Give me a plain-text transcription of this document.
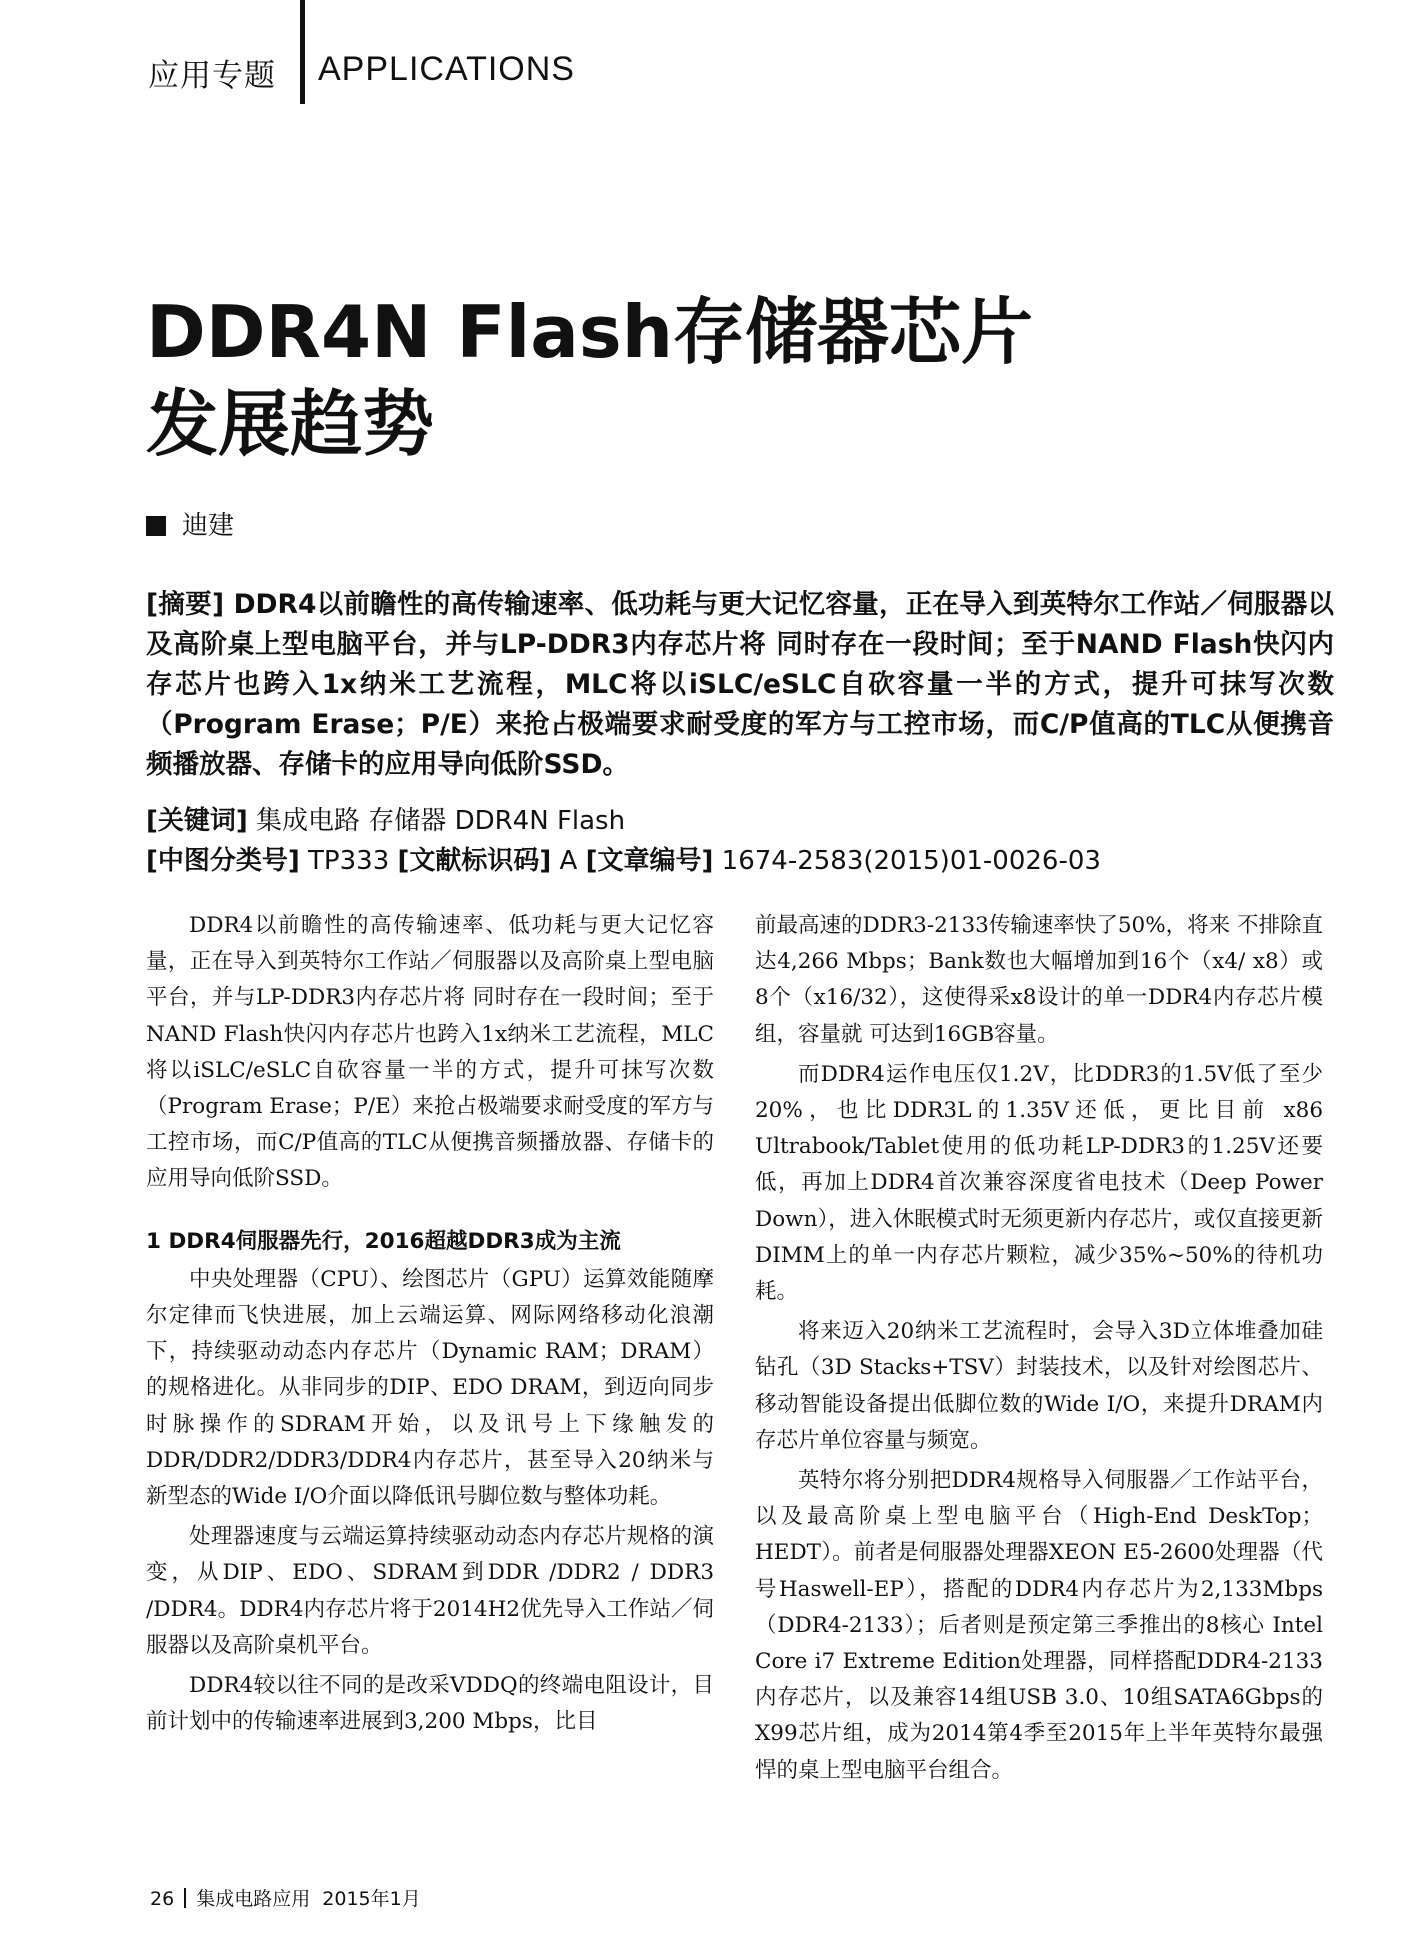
应用专题 APPLICATIONS
DDR4N Flash存储器芯片
发展趋势
迪建

[摘要] DDR4以前瞻性的高传输速率、低功耗与更大记忆容量，正在导入到英特尔工作站／伺服器以及高阶桌上型电脑平台，并与LP-DDR3内存芯片将 同时存在一段时间；至于NAND Flash快闪内存芯片也跨入1x纳米工艺流程，MLC将以iSLC/eSLC自砍容量一半的方式，提升可抹写次数（Program Erase；P/E）来抢占极端要求耐受度的军方与工控市场，而C/P值高的TLC从便携音频播放器、存储卡的应用导向低阶SSD。

[关键词] 集成电路 存储器 DDR4N Flash
[中图分类号] TP333 [文献标识码] A [文章编号] 1674-2583(2015)01-0026-03

DDR4以前瞻性的高传输速率、低功耗与更大记忆容量，正在导入到英特尔工作站／伺服器以及高阶桌上型电脑平台，并与LP-DDR3内存芯片将 同时存在一段时间；至于NAND Flash快闪内存芯片也跨入1x纳米工艺流程，MLC将以iSLC/eSLC自砍容量一半的方式，提升可抹写次数（Program Erase；P/E）来抢占极端要求耐受度的军方与工控市场，而C/P值高的TLC从便携音频播放器、存储卡的应用导向低阶SSD。

1 DDR4伺服器先行，2016超越DDR3成为主流

中央处理器（CPU）、绘图芯片（GPU）运算效能随摩尔定律而飞快进展，加上云端运算、网际网络移动化浪潮下，持续驱动动态内存芯片（Dynamic RAM；DRAM）的规格进化。从非同步的DIP、EDO DRAM，到迈向同步时脉操作的SDRAM开始，以及讯号上下缘触发的DDR/DDR2/DDR3/DDR4内存芯片，甚至导入20纳米与新型态的Wide I/O介面以降低讯号脚位数与整体功耗。

处理器速度与云端运算持续驱动动态内存芯片规格的演变，从DIP、EDO、SDRAM到DDR /DDR2 / DDR3 /DDR4。DDR4内存芯片将于2014H2优先导入工作站／伺服器以及高阶桌机平台。

DDR4较以往不同的是改采VDDQ的终端电阻设计，目前计划中的传输速率进展到3,200 Mbps，比目

前最高速的DDR3-2133传输速率快了50%，将来 不排除直达4,266 Mbps；Bank数也大幅增加到16个（x4/ x8）或8个（x16/32），这使得采x8设计的单一DDR4内存芯片模组，容量就 可达到16GB容量。

而DDR4运作电压仅1.2V，比DDR3的1.5V低了至少20%，也比DDR3L的1.35V还低，更比目前 x86 Ultrabook/Tablet使用的低功耗LP-DDR3的1.25V还要低，再加上DDR4首次兼容深度省电技术（Deep Power Down），进入休眠模式时无须更新内存芯片，或仅直接更新DIMM上的单一内存芯片颗粒，减少35%~50%的待机功耗。

将来迈入20纳米工艺流程时，会导入3D立体堆叠加硅钻孔（3D Stacks+TSV）封装技术，以及针对绘图芯片、移动智能设备提出低脚位数的Wide I/O，来提升DRAM内存芯片单位容量与频宽。

英特尔将分别把DDR4规格导入伺服器／工作站平台，以及最高阶桌上型电脑平台（High-End DeskTop；HEDT）。前者是伺服器处理器XEON E5-2600处理器（代号Haswell-EP），搭配的DDR4内存芯片为2,133Mbps（DDR4-2133）；后者则是预定第三季推出的8核心 Intel Core i7 Extreme Edition处理器，同样搭配DDR4-2133内存芯片，以及兼容14组USB 3.0、10组SATA6Gbps的X99芯片组，成为2014第4季至2015年上半年英特尔最强悍的桌上型电脑平台组合。

26 集成电路应用 2015年1月
